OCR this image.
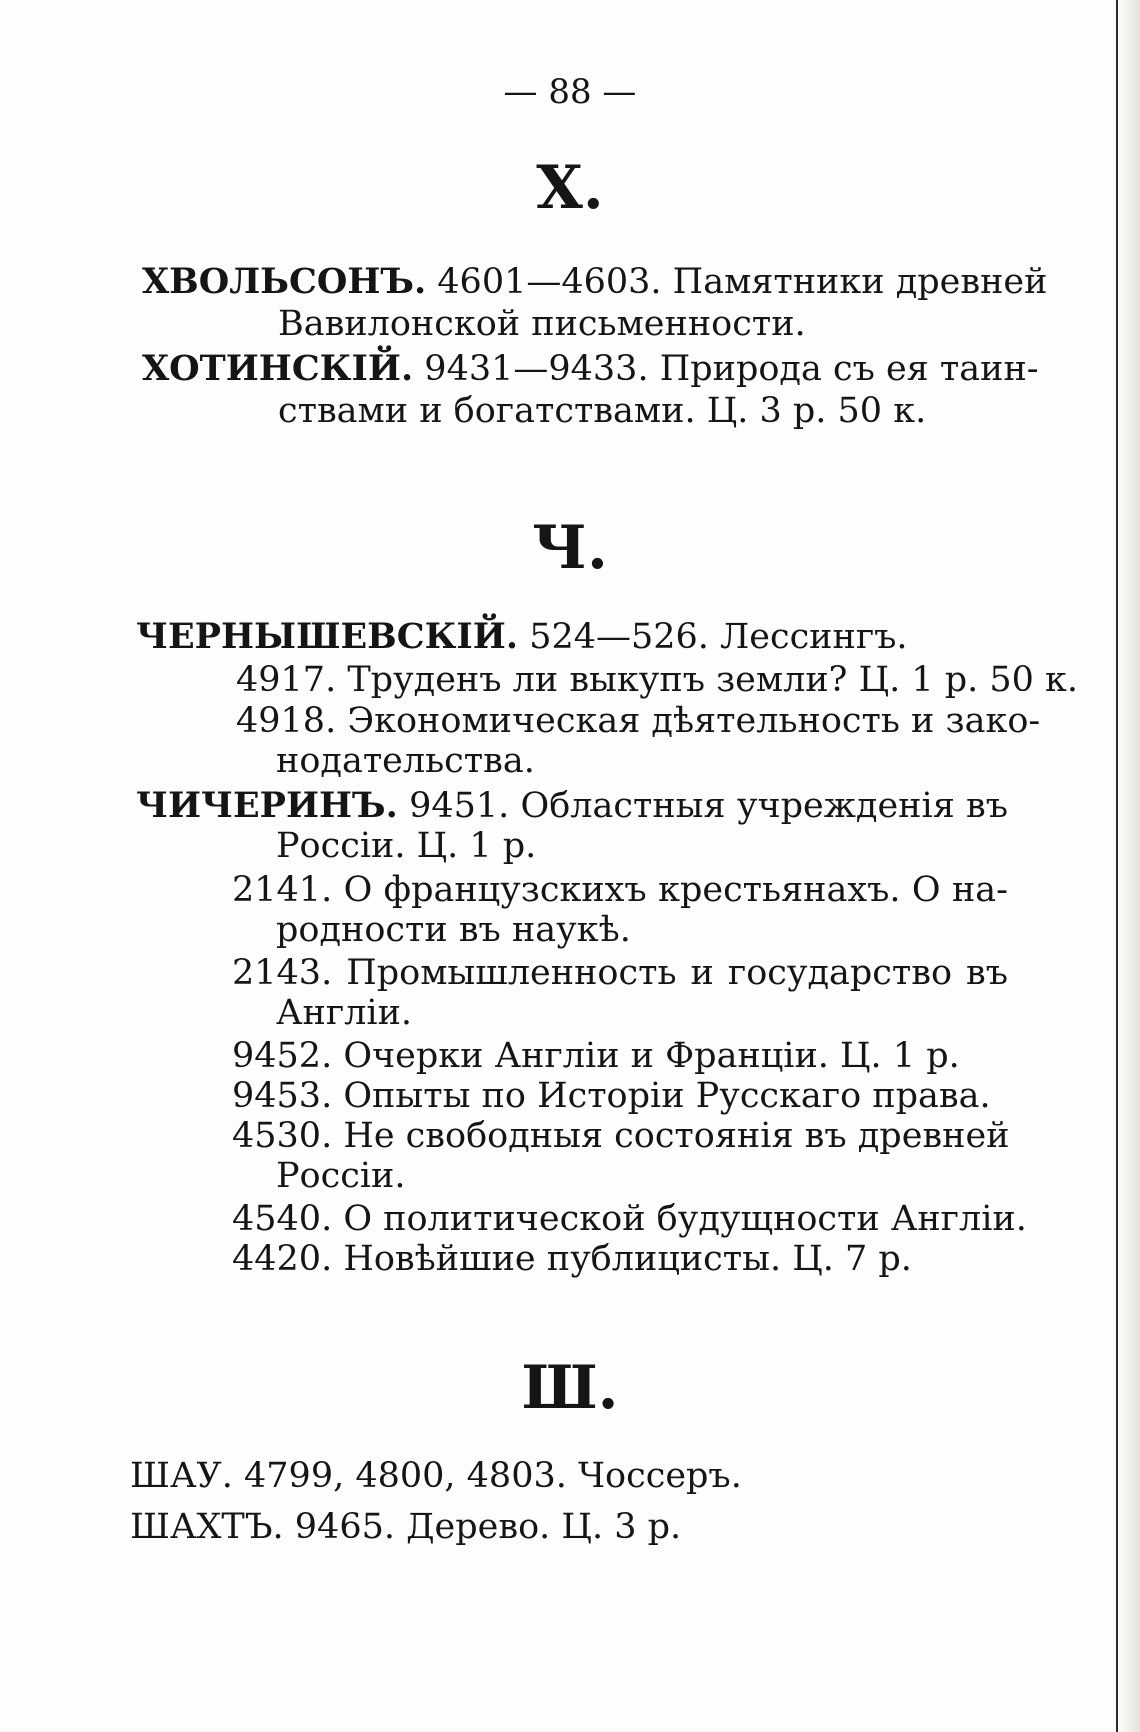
— 88 —
Х.
ХВОЛЬСОНЪ. 4601—4603. Памятники древней
Вавилонской письменности.
ХОТИНСКІЙ. 9431—9433. Природа съ ея таин-
ствами и богатствами. Ц. 3 р. 50 к.
Ч.
ЧЕРНЫШЕВСКІЙ. 524—526. Лессингъ.
4917. Труденъ ли выкупъ земли? Ц. 1 р. 50 к.
4918. Экономическая дѣятельность и зако-
нодательства.
ЧИЧЕРИНЪ. 9451. Областныя учрежденія въ
Россіи. Ц. 1 р.
2141. О французскихъ крестьянахъ. О на-
родности въ наукѣ.
2143. Промышленность и государство въ
Англіи.
9452. Очерки Англіи и Франціи. Ц. 1 р.
9453. Опыты по Исторіи Русскаго права.
4530. Не свободныя состоянія въ древней
Россіи.
4540. О политической будущности Англіи.
4420. Новѣйшие публицисты. Ц. 7 р.
Ш.
ШАУ. 4799, 4800, 4803. Чоссеръ.
ШАХТЪ. 9465. Дерево. Ц. 3 р.
